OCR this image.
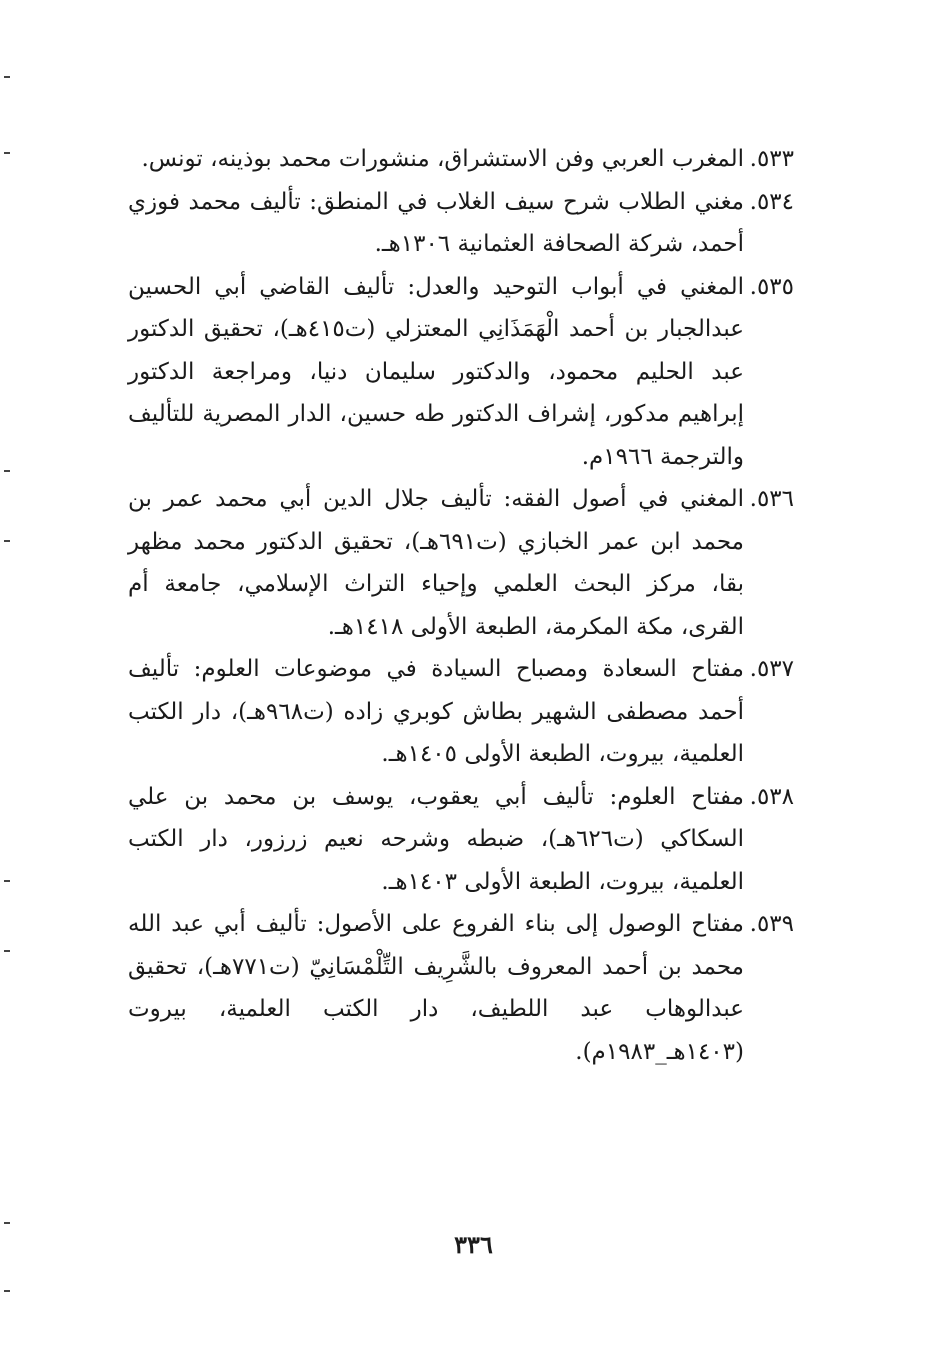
٥٣٣.
المغرب العربي وفن الاستشراق، منشورات محمد بوذينه، تونس.

٥٣٤.
مغني الطلاب شرح سيف الغلاب في المنطق: تأليف محمد فوزي أحمد، شركة الصحافة العثمانية ١٣٠٦هـ.

٥٣٥.
المغني في أبواب التوحيد والعدل: تأليف القاضي أبي الحسين عبدالجبار بن أحمد الْهَمَذَانِي المعتزلي (ت٤١٥هـ)، تحقيق الدكتور عبد الحليم محمود، والدكتور سليمان دنيا، ومراجعة الدكتور إبراهيم مدكور، إشراف الدكتور طه حسين، الدار المصرية للتأليف والترجمة ١٩٦٦م.

٥٣٦.
المغني في أصول الفقه: تأليف جلال الدين أبي محمد عمر بن محمد ابن عمر الخبازي (ت٦٩١هـ)، تحقيق الدكتور محمد مظهر بقا، مركز البحث العلمي وإحياء التراث الإسلامي، جامعة أم القرى، مكة المكرمة، الطبعة الأولى ١٤١٨هـ.

٥٣٧.
مفتاح السعادة ومصباح السيادة في موضوعات العلوم: تأليف أحمد مصطفى الشهير بطاش كوبري زاده (ت٩٦٨هـ)، دار الكتب العلمية، بيروت، الطبعة الأولى ١٤٠٥هـ.

٥٣٨.
مفتاح العلوم: تأليف أبي يعقوب، يوسف بن محمد بن علي السكاكي (ت٦٢٦هـ)، ضبطه وشرحه نعيم زرزور، دار الكتب العلمية، بيروت، الطبعة الأولى ١٤٠٣هـ.

٥٣٩.
مفتاح الوصول إلى بناء الفروع على الأصول: تأليف أبي عبد الله محمد بن أحمد المعروف بالشَّرِيف التِّلْمْسَانِيّ (ت٧٧١هـ)، تحقيق عبدالوهاب عبد اللطيف، دار الكتب العلمية، بيروت (١٤٠٣هـ_١٩٨٣م).

٣٣٦
